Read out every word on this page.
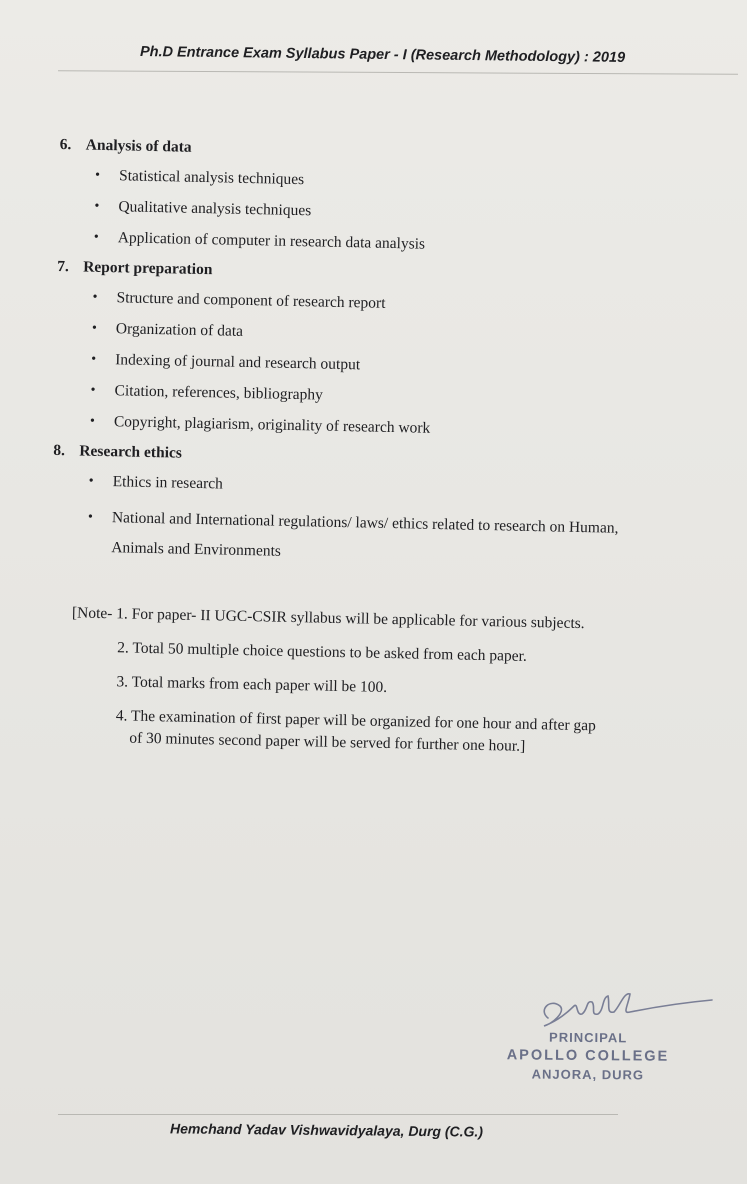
Ph.D Entrance Exam Syllabus Paper - I (Research Methodology) : 2019
6. Analysis of data
• Statistical analysis techniques
• Qualitative analysis techniques
• Application of computer in research data analysis
7. Report preparation
• Structure and component of research report
• Organization of data
• Indexing of journal and research output
• Citation, references, bibliography
• Copyright, plagiarism, originality of research work
8. Research ethics
• Ethics in research
• National and International regulations/ laws/ ethics related to research on Human, Animals and Environments
[Note- 1. For paper- II UGC-CSIR syllabus will be applicable for various subjects.
2. Total 50 multiple choice questions to be asked from each paper.
3. Total marks from each paper will be 100.
4. The examination of first paper will be organized for one hour and after gap
of 30 minutes second paper will be served for further one hour.]
PRINCIPAL
APOLLO COLLEGE
ANJORA, DURG
Hemchand Yadav Vishwavidyalaya, Durg (C.G.)
